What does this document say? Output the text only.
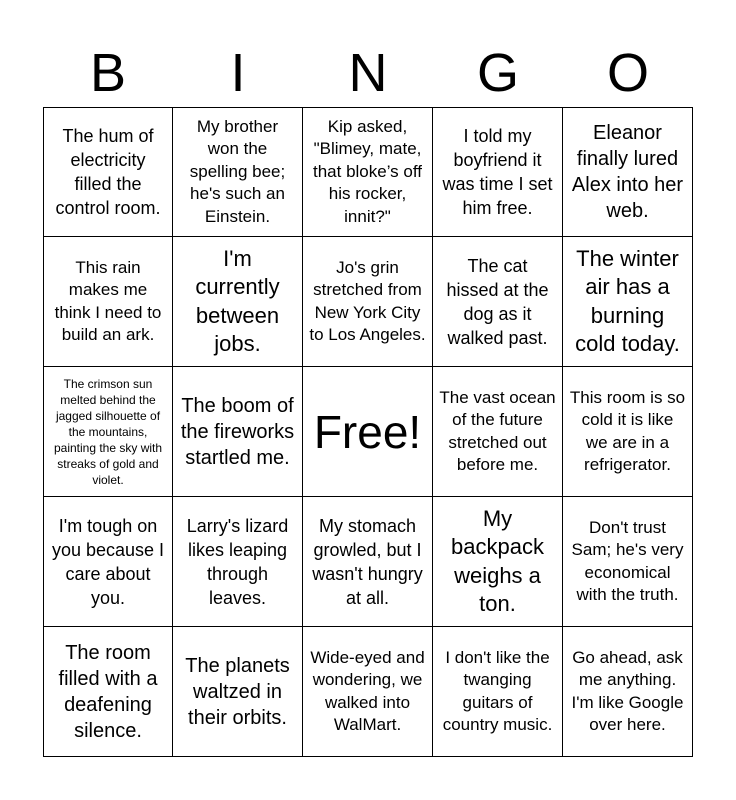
B	I	N	G	O
The hum of electricity filled the control room.
My brother won the spelling bee; he's such an Einstein.
Kip asked, "Blimey, mate, that bloke’s off his rocker, innit?"
I told my boyfriend it was time I set him free.
Eleanor finally lured Alex into her web.
This rain makes me think I need to build an ark.
I'm currently between jobs.
Jo's grin stretched from New York City to Los Angeles.
The cat hissed at the dog as it walked past.
The winter air has a burning cold today.
The crimson sun melted behind the jagged silhouette of the mountains, painting the sky with streaks of gold and violet.
The boom of the fireworks startled me. Free!
The vast ocean of the future stretched out before me.
This room is so cold it is like we are in a refrigerator.
I'm tough on you because I care about you.
Larry's lizard likes leaping through leaves.
My stomach growled, but I wasn't hungry at all.
My backpack weighs a ton.
Don't trust Sam; he's very economical with the truth.
The room filled with a deafening silence.
The planets waltzed in their orbits.
Wide-eyed and wondering, we walked into WalMart.
I don't like the twanging guitars of country music.
Go ahead, ask me anything. I'm like Google over here.
